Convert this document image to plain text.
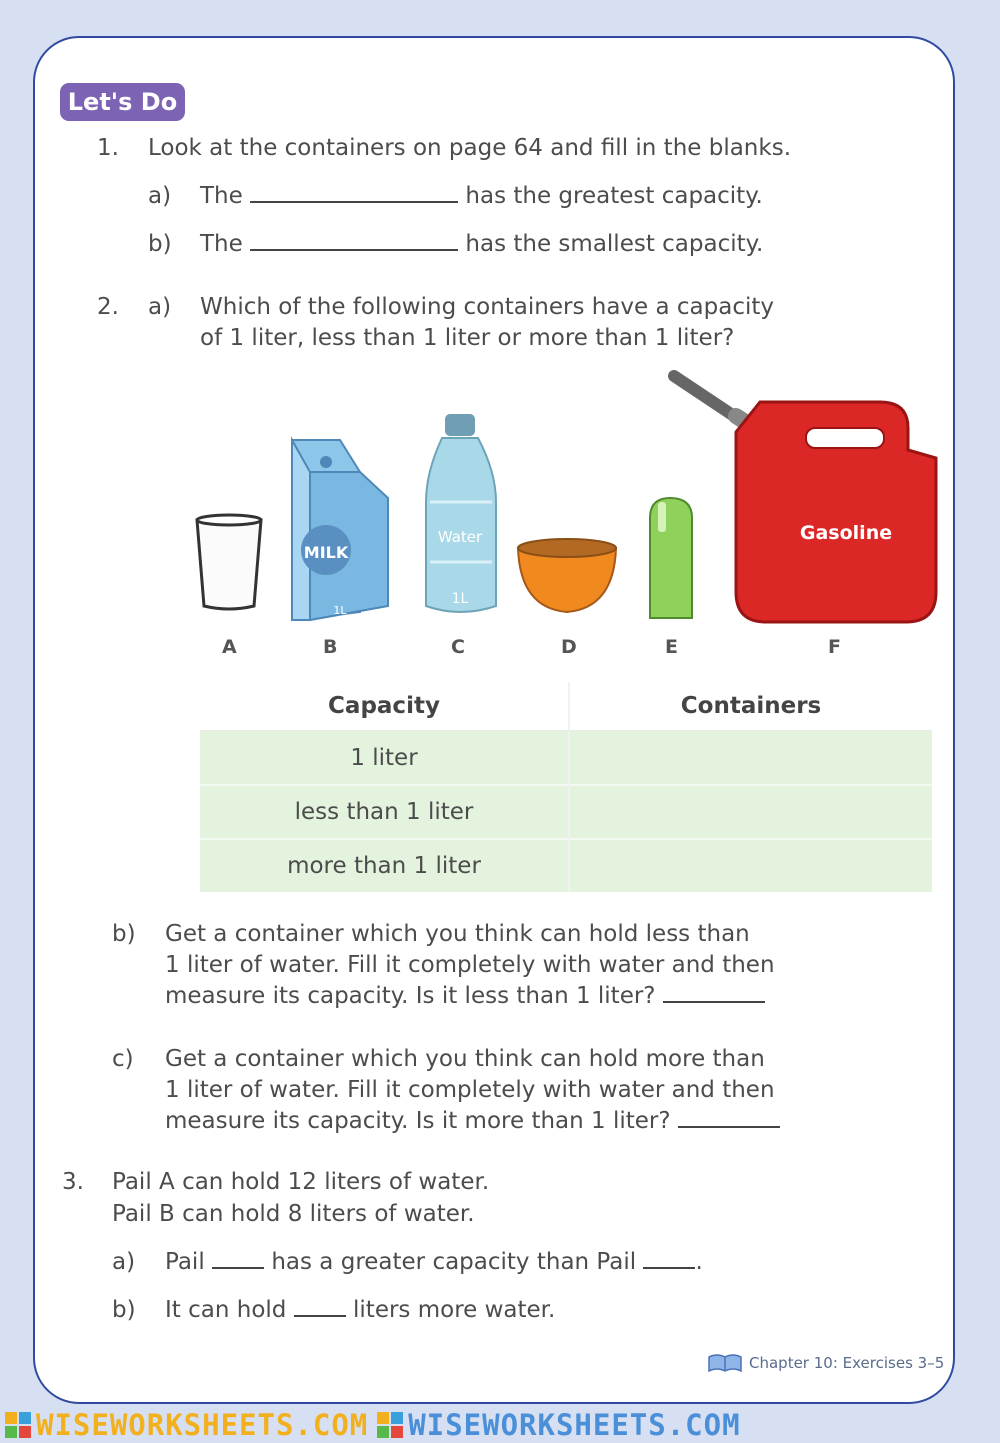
Let's Do
1. Look at the containers on page 64 and fill in the blanks.
a) The	has the greatest capacity.
b) The	has the smallest capacity.
2. a) Which of the following containers have a capacity
of 1 liter, less than 1 liter or more than 1 liter?
MILK
1L
Water
1L
Gasoline
A	B	C	D	E	F
Capacity	Containers
1 liter	
less than 1 liter	
more than 1 liter	
b) Get a container which you think can hold less than
1 liter of water. Fill it completely with water and then
measure its capacity. Is it less than 1 liter?
c) Get a container which you think can hold more than
1 liter of water. Fill it completely with water and then
measure its capacity. Is it more than 1 liter?
3. Pail A can hold 12 liters of water.
Pail B can hold 8 liters of water.
a) Pail	has a greater capacity than Pail	.
b) It can hold	liters more water.
Chapter 10: Exercises 3–5
WISEWORKSHEETS.COM WISEWORKSHEETS.COM
